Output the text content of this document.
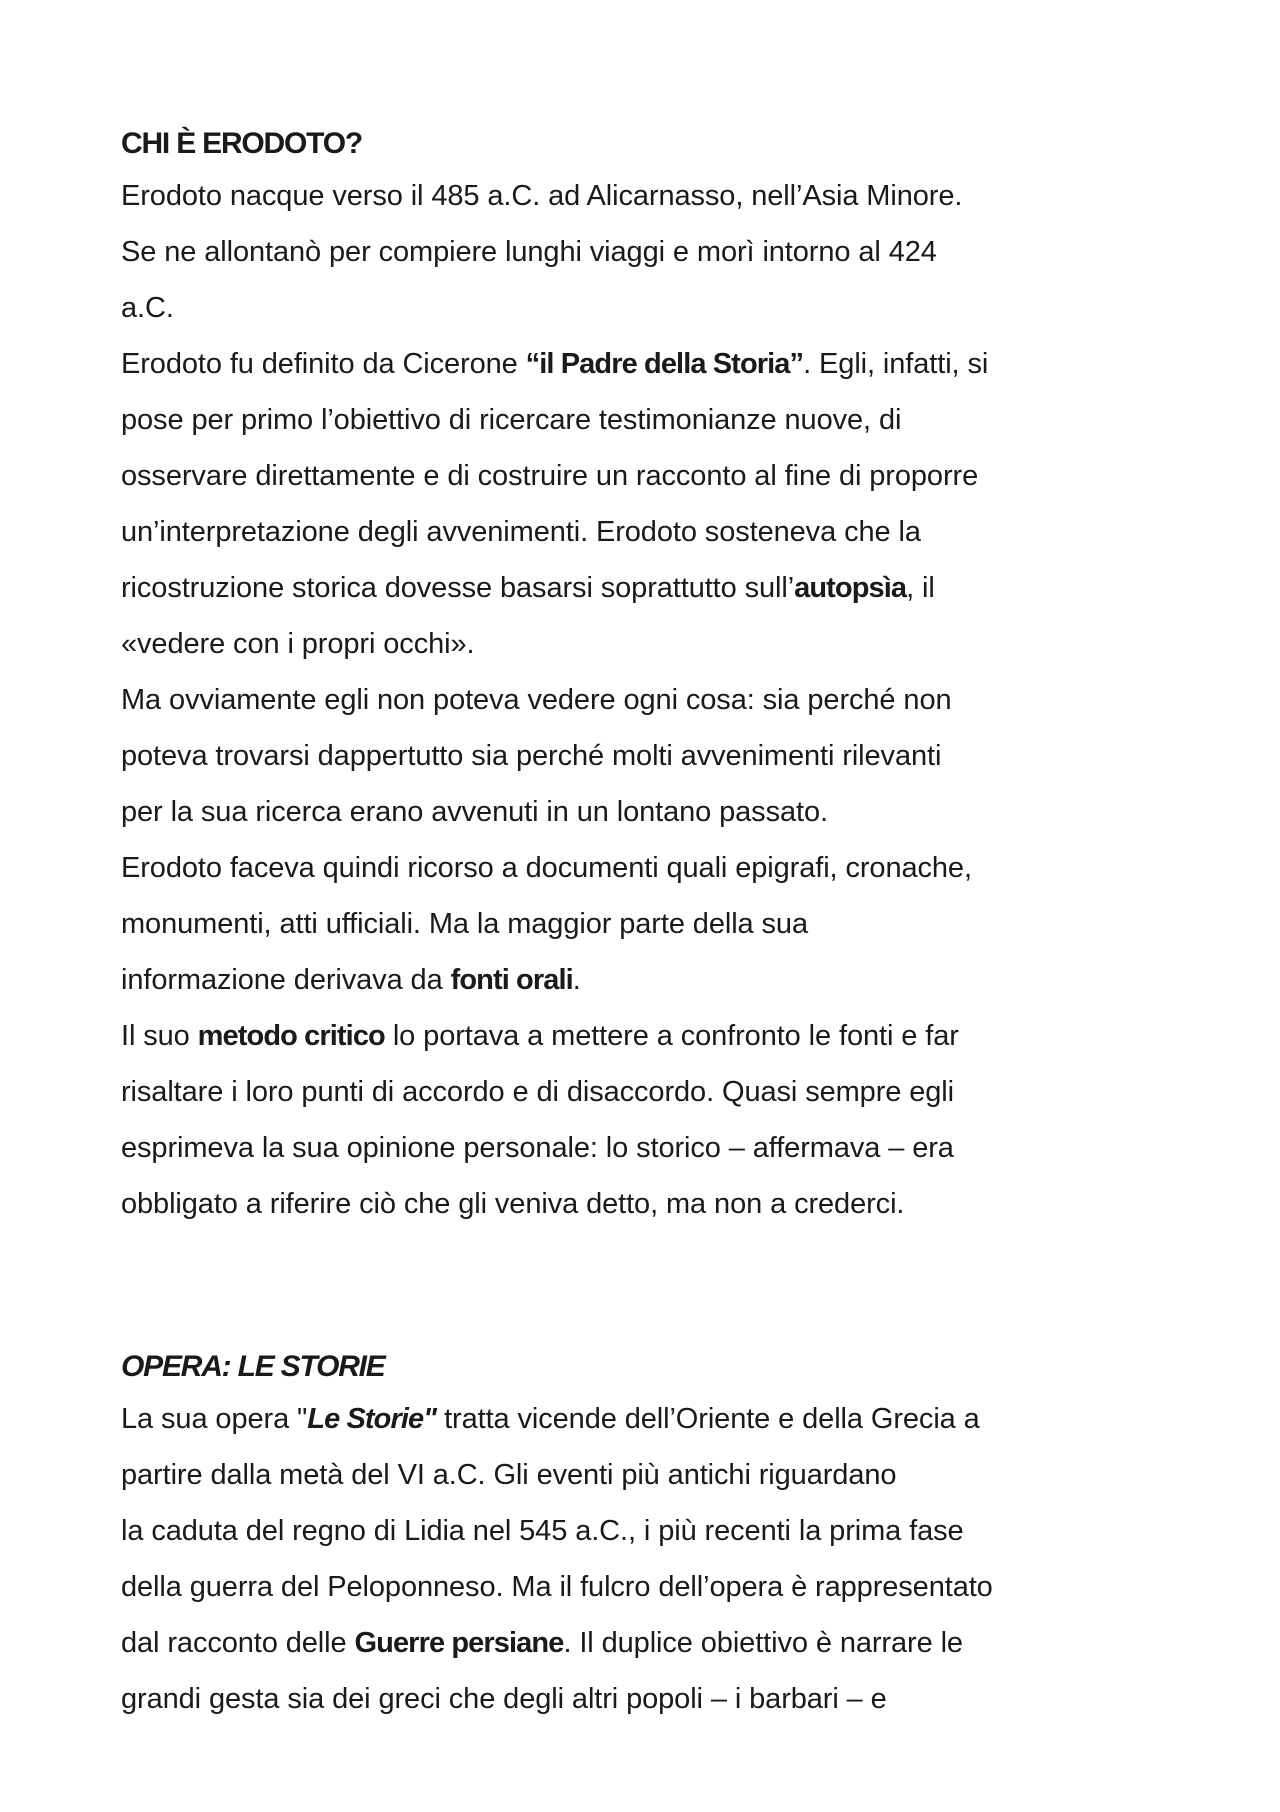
CHI È ERODOTO?
Erodoto nacque verso il 485 a.C. ad Alicarnasso, nell’Asia Minore.
Se ne allontanò per compiere lunghi viaggi e morì intorno al 424
a.C.
Erodoto fu definito da Cicerone “il Padre della Storia”. Egli, infatti, si
pose per primo l’obiettivo di ricercare testimonianze nuove, di
osservare direttamente e di costruire un racconto al fine di proporre
un’interpretazione degli avvenimenti. Erodoto sosteneva che la
ricostruzione storica dovesse basarsi soprattutto sull’autopsìa, il
«vedere con i propri occhi».
Ma ovviamente egli non poteva vedere ogni cosa: sia perché non
poteva trovarsi dappertutto sia perché molti avvenimenti rilevanti
per la sua ricerca erano avvenuti in un lontano passato.
Erodoto faceva quindi ricorso a documenti quali epigrafi, cronache,
monumenti, atti ufficiali. Ma la maggior parte della sua
informazione derivava da fonti orali.
Il suo metodo critico lo portava a mettere a confronto le fonti e far
risaltare i loro punti di accordo e di disaccordo. Quasi sempre egli
esprimeva la sua opinione personale: lo storico – affermava – era
obbligato a riferire ciò che gli veniva detto, ma non a crederci.
OPERA: LE STORIE
La sua opera "Le Storie" tratta vicende dell’Oriente e della Grecia a
partire dalla metà del VI a.C. Gli eventi più antichi riguardano
la caduta del regno di Lidia nel 545 a.C., i più recenti la prima fase
della guerra del Peloponneso. Ma il fulcro dell’opera è rappresentato
dal racconto delle Guerre persiane. Il duplice obiettivo è narrare le
grandi gesta sia dei greci che degli altri popoli – i barbari – e
